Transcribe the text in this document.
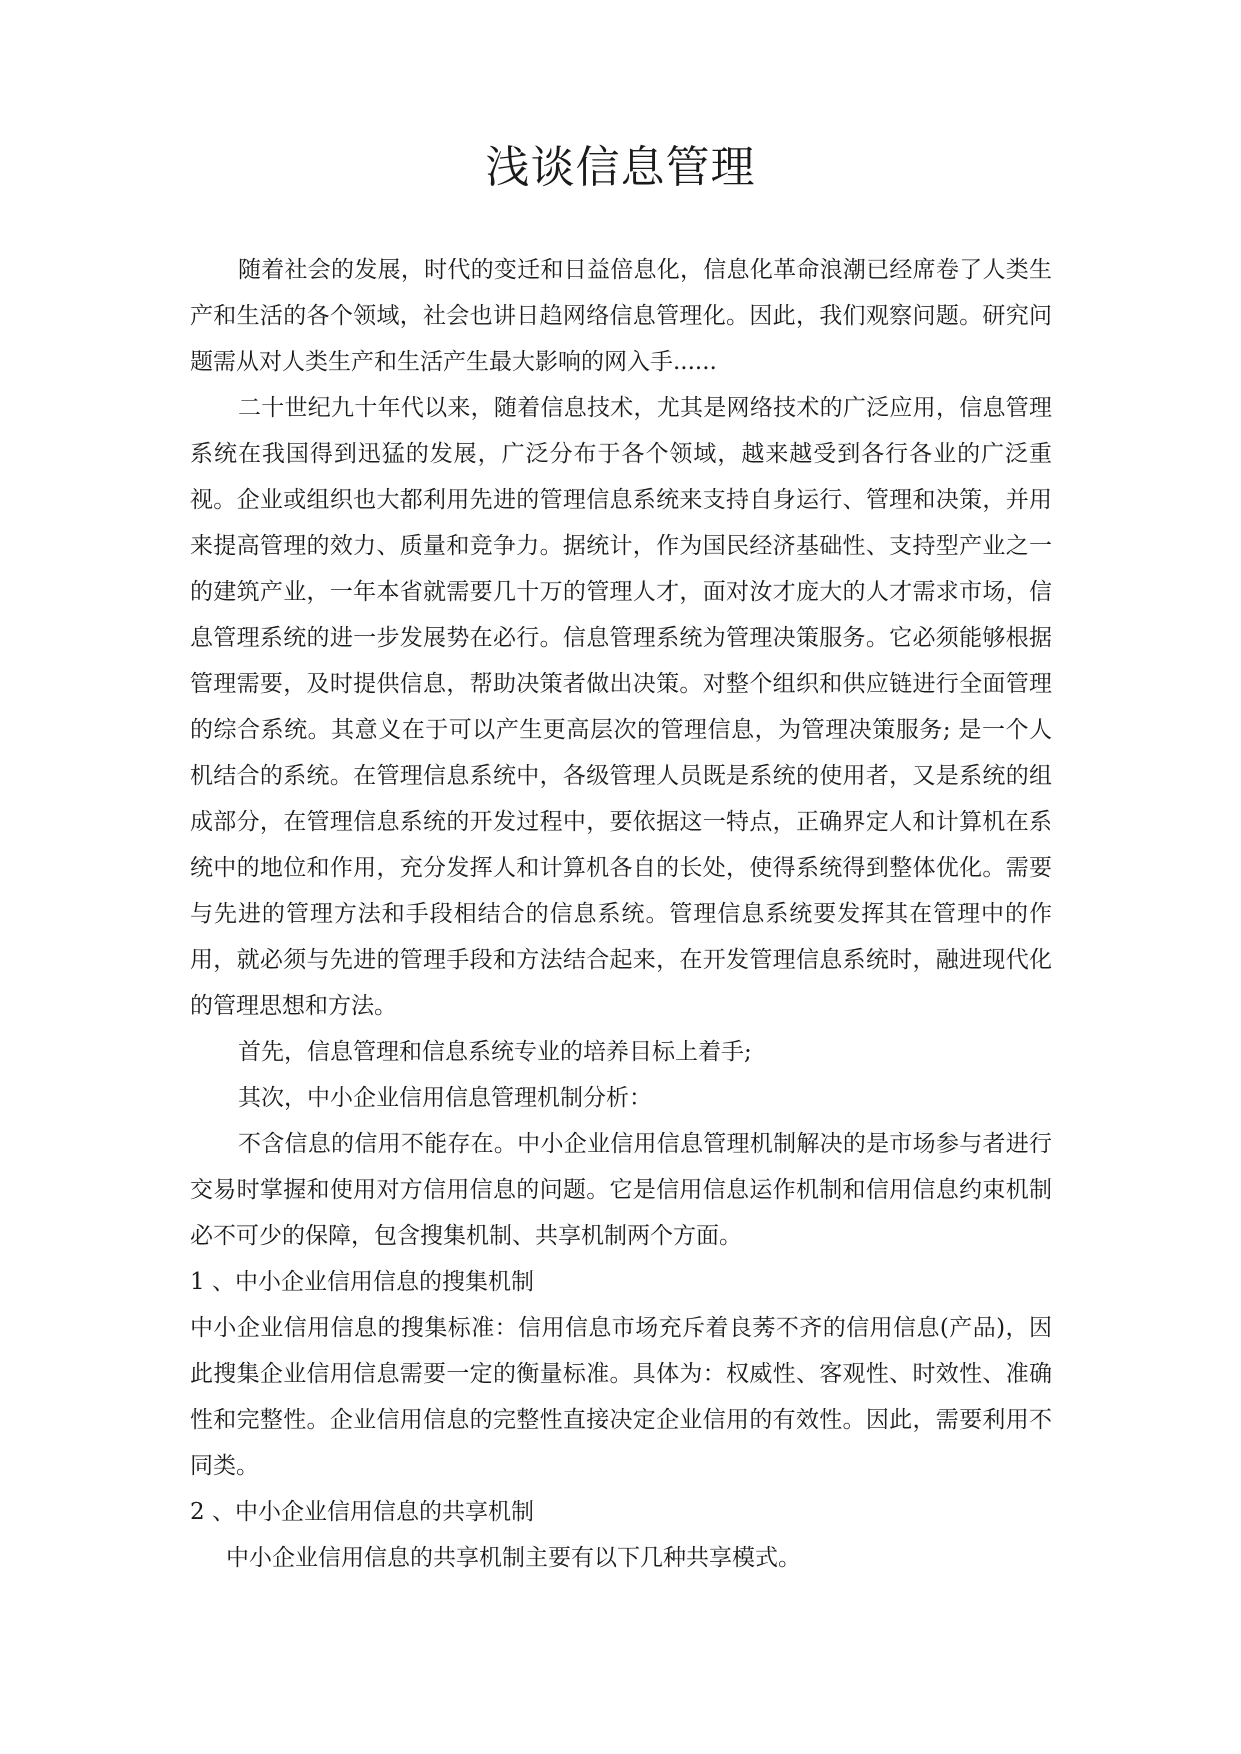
浅谈信息管理

随着社会的发展，时代的变迁和日益倍息化，信息化革命浪潮已经席卷了人类生产和生活的各个领域，社会也讲日趋网络信息管理化。因此，我们观察问题。研究问题需从对人类生产和生活产生最大影响的网入手......

二十世纪九十年代以来，随着信息技术，尤其是网络技术的广泛应用，信息管理系统在我国得到迅猛的发展，广泛分布于各个领域，越来越受到各行各业的广泛重视。企业或组织也大都利用先进的管理信息系统来支持自身运行、管理和决策，并用来提高管理的效力、质量和竞争力。据统计，作为国民经济基础性、支持型产业之一的建筑产业，一年本省就需要几十万的管理人才，面对汝才庞大的人才需求市场，信息管理系统的进一步发展势在必行。信息管理系统为管理决策服务。它必须能够根据管理需要，及时提供信息，帮助决策者做出决策。对整个组织和供应链进行全面管理的综合系统。其意义在于可以产生更高层次的管理信息，为管理决策服务; 是一个人机结合的系统。在管理信息系统中，各级管理人员既是系统的使用者，又是系统的组成部分，在管理信息系统的开发过程中，要依据这一特点，正确界定人和计算机在系统中的地位和作用，充分发挥人和计算机各自的长处，使得系统得到整体优化。需要与先进的管理方法和手段相结合的信息系统。管理信息系统要发挥其在管理中的作用，就必须与先进的管理手段和方法结合起来，在开发管理信息系统时，融进现代化的管理思想和方法。

首先，信息管理和信息系统专业的培养目标上着手;

其次，中小企业信用信息管理机制分析：

不含信息的信用不能存在。中小企业信用信息管理机制解决的是市场参与者进行交易时掌握和使用对方信用信息的问题。它是信用信息运作机制和信用信息约束机制必不可少的保障，包含搜集机制、共享机制两个方面。

1 、中小企业信用信息的搜集机制

中小企业信用信息的搜集标准：信用信息市场充斥着良莠不齐的信用信息(产品)，因此搜集企业信用信息需要一定的衡量标准。具体为：权威性、客观性、时效性、准确性和完整性。企业信用信息的完整性直接决定企业信用的有效性。因此，需要利用不同类。

2 、中小企业信用信息的共享机制

中小企业信用信息的共享机制主要有以下几种共享模式。
